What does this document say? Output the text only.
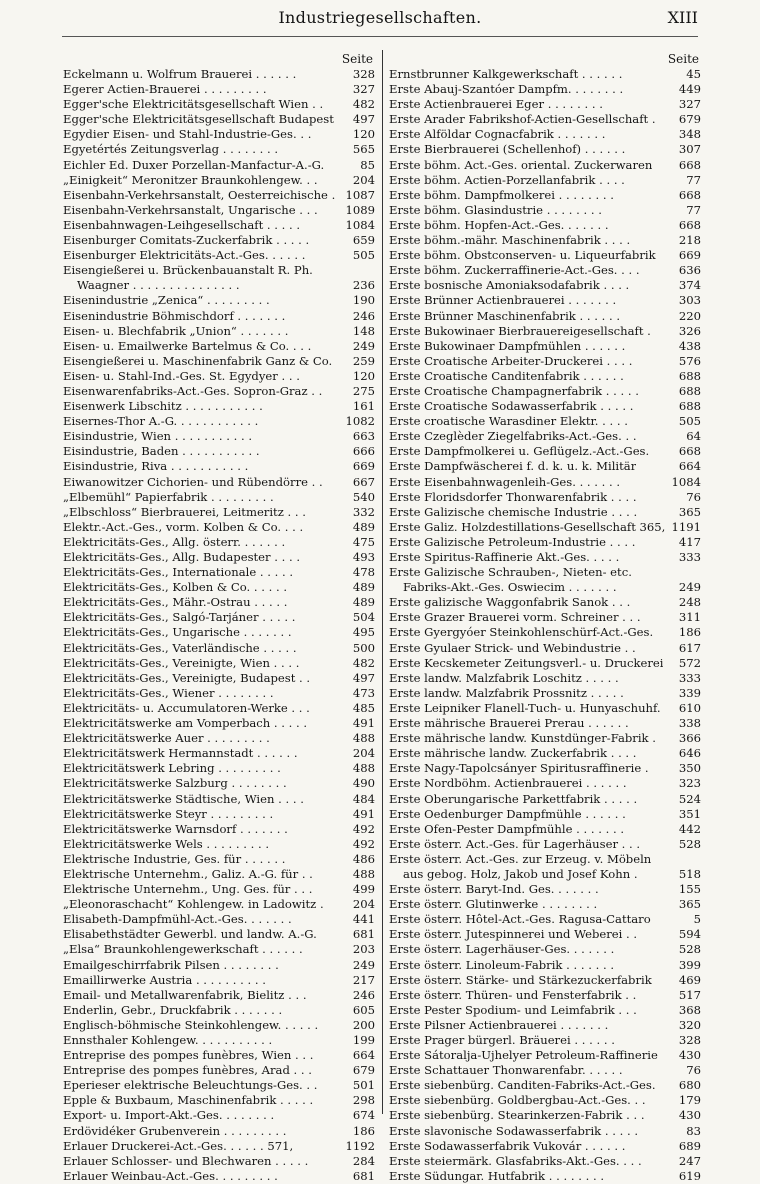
Industriegesellschaften.	XIII
Seite
Eckelmann u. Wolfrum Brauerei . . . . . .	328
Egerer Actien-Brauerei . . . . . . . . .	327
Egger'sche Elektricitätsgesellschaft Wien . .	482
Egger'sche Elektricitätsgesellschaft Budapest	497
Egydier Eisen- und Stahl-Industrie-Ges. . .	120
Egyetértés Zeitungsverlag . . . . . . . .	565
Eichler Ed. Duxer Porzellan-Manfactur-A.-G.	85
„Einigkeit“ Meronitzer Braunkohlengew. . .	204
Eisenbahn-Verkehrsanstalt, Oesterreichische . 1087
Eisenbahn-Verkehrsanstalt, Ungarische . . .	1089
Eisenbahnwagen-Leihgesellschaft . . . . .	1084
Eisenburger Comitats-Zuckerfabrik . . . . .	659
Eisenburger Elektricitäts-Act.-Ges. . . . . .	505
Eisengießerei u. Brückenbauanstalt R. Ph.
Waagner . . . . . . . . . . . . . . .	236
Eisenindustrie „Zenica“ . . . . . . . . .	190
Eisenindustrie Böhmischdorf . . . . . . .	246
Eisen- u. Blechfabrik „Union“ . . . . . . .	148
Eisen- u. Emailwerke Bartelmus & Co. . . .	249
Eisengießerei u. Maschinenfabrik Ganz & Co.	259
Eisen- u. Stahl-Ind.-Ges. St. Egydyer . . .	120
Eisenwarenfabriks-Act.-Ges. Sopron-Graz . .	275
Eisenwerk Libschitz . . . . . . . . . . .	161
Eisernes-Thor A.-G. . . . . . . . . . . .	1082
Eisindustrie, Wien . . . . . . . . . . .	663
Eisindustrie, Baden . . . . . . . . . . .	666
Eisindustrie, Riva . . . . . . . . . . .	669
Eiwanowitzer Cichorien- und Rübendörre . .	667
„Elbemühl“ Papierfabrik . . . . . . . . .	540
„Elbschloss“ Bierbrauerei, Leitmeritz . . .	332
Elektr.-Act.-Ges., vorm. Kolben & Co. . . .	489
Elektricitäts-Ges., Allg. österr. . . . . . .	475
Elektricitäts-Ges., Allg. Budapester . . . .	493
Elektricitäts-Ges., Internationale . . . . .	478
Elektricitäts-Ges., Kolben & Co. . . . . .	489
Elektricitäts-Ges., Mähr.-Ostrau . . . . .	489
Elektricitäts-Ges., Salgó-Tarjáner . . . . .	504
Elektricitäts-Ges., Ungarische . . . . . . .	495
Elektricitäts-Ges., Vaterländische . . . . .	500
Elektricitäts-Ges., Vereinigte, Wien . . . .	482
Elektricitäts-Ges., Vereinigte, Budapest . .	497
Elektricitäts-Ges., Wiener . . . . . . . .	473
Elektricitäts- u. Accumulatoren-Werke . . .	485
Elektricitätswerke am Vomperbach . . . . .	491
Elektricitätswerke Auer . . . . . . . . .	488
Elektricitätswerk Hermannstadt . . . . . .	204
Elektricitätswerk Lebring . . . . . . . . .	488
Elektricitätswerke Salzburg . . . . . . . .	490
Elektricitätswerke Städtische, Wien . . . .	484
Elektricitätswerke Steyr . . . . . . . . .	491
Elektricitätswerke Warnsdorf . . . . . . .	492
Elektricitätswerke Wels . . . . . . . . .	492
Elektrische Industrie, Ges. für . . . . . .	486
Elektrische Unternehm., Galiz. A.-G. für . .	488
Elektrische Unternehm., Ung. Ges. für . . .	499
„Eleonoraschacht“ Kohlengew. in Ladowitz .	204
Elisabeth-Dampfmühl-Act.-Ges. . . . . . .	441
Elisabethstädter Gewerbl. und landw. A.-G.	681
„Elsa“ Braunkohlengewerkschaft . . . . . .	203
Emailgeschirrfabrik Pilsen . . . . . . . .	249
Emaillirwerke Austria . . . . . . . . . .	217
Email- und Metallwarenfabrik, Bielitz . . .	246
Enderlin, Gebr., Druckfabrik . . . . . . .	605
Englisch-böhmische Steinkohlengew. . . . . .	200
Ennsthaler Kohlengew. . . . . . . . . . .	199
Entreprise des pompes funèbres, Wien . . .	664
Entreprise des pompes funèbres, Arad . . .	679
Eperieser elektrische Beleuchtungs-Ges. . .	501
Epple & Buxbaum, Maschinenfabrik . . . . .	298
Export- u. Import-Akt.-Ges. . . . . . . .	674
Erdövidéker Grubenverein . . . . . . . . .	186
Erlauer Druckerei-Act.-Ges. . . . . . 571,	1192
Erlauer Schlosser- und Blechwaren . . . . .	284
Erlauer Weinbau-Act.-Ges. . . . . . . . .	681
Seite
Ernstbrunner Kalkgewerkschaft . . . . . .	45
Erste Abauj-Szantóer Dampfm. . . . . . . .	449
Erste Actienbrauerei Eger . . . . . . . .	327
Erste Arader Fabrikshof-Actien-Gesellschaft .	679
Erste Alföldar Cognacfabrik . . . . . . .	348
Erste Bierbrauerei (Schellenhof) . . . . . .	307
Erste böhm. Act.-Ges. oriental. Zuckerwaren	668
Erste böhm. Actien-Porzellanfabrik . . . .	77
Erste böhm. Dampfmolkerei . . . . . . . .	668
Erste böhm. Glasindustrie . . . . . . . .	77
Erste böhm. Hopfen-Act.-Ges. . . . . . .	668
Erste böhm.-mähr. Maschinenfabrik . . . .	218
Erste böhm. Obstconserven- u. Liqueurfabrik	669
Erste böhm. Zuckerraffinerie-Act.-Ges. . . .	636
Erste bosnische Amoniaksodafabrik . . . .	374
Erste Brünner Actienbrauerei . . . . . . .	303
Erste Brünner Maschinenfabrik . . . . . .	220
Erste Bukowinaer Bierbrauereigesellschaft .	326
Erste Bukowinaer Dampfmühlen . . . . . .	438
Erste Croatische Arbeiter-Druckerei . . . .	576
Erste Croatische Canditenfabrik . . . . . .	688
Erste Croatische Champagnerfabrik . . . . .	688
Erste Croatische Sodawasserfabrik . . . . .	688
Erste croatische Warasdiner Elektr. . . . .	505
Erste Czeglèder Ziegelfabriks-Act.-Ges. . .	64
Erste Dampfmolkerei u. Geflügelz.-Act.-Ges.	668
Erste Dampfwäscherei f. d. k. u. k. Militär	664
Erste Eisenbahnwagenleih-Ges. . . . . . .	1084
Erste Floridsdorfer Thonwarenfabrik . . . .	76
Erste Galizische chemische Industrie . . . .	365
Erste Galiz. Holzdestillations-Gesellschaft 365, 1191
Erste Galizische Petroleum-Industrie . . . .	417
Erste Spiritus-Raffinerie Akt.-Ges. . . . .	333
Erste Galizische Schrauben-, Nieten- etc.
Fabriks-Akt.-Ges. Oswiecim . . . . . . .	249
Erste galizische Waggonfabrik Sanok . . .	248
Erste Grazer Brauerei vorm. Schreiner . . .	311
Erste Gyergyóer Steinkohlenschürf-Act.-Ges.	186
Erste Gyulaer Strick- und Webindustrie . .	617
Erste Kecskemeter Zeitungsverl.- u. Druckerei	572
Erste landw. Malzfabrik Loschitz . . . . .	333
Erste landw. Malzfabrik Prossnitz . . . . .	339
Erste Leipniker Flanell-Tuch- u. Hunyaschuhf.	610
Erste mährische Brauerei Prerau . . . . . .	338
Erste mährische landw. Kunstdünger-Fabrik .	366
Erste mährische landw. Zuckerfabrik . . . .	646
Erste Nagy-Tapolcsányer Spiritusraffinerie .	350
Erste Nordböhm. Actienbrauerei . . . . . .	323
Erste Oberungarische Parkettfabrik . . . . .	524
Erste Oedenburger Dampfmühle . . . . . .	351
Erste Ofen-Pester Dampfmühle . . . . . . .	442
Erste österr. Act.-Ges. für Lagerhäuser . . .	528
Erste österr. Act.-Ges. zur Erzeug. v. Möbeln
aus gebog. Holz, Jakob und Josef Kohn .	518
Erste österr. Baryt-Ind. Ges. . . . . . .	155
Erste österr. Glutinwerke . . . . . . . .	365
Erste österr. Hôtel-Act.-Ges. Ragusa-Cattaro	5
Erste österr. Jutespinnerei und Weberei . .	594
Erste österr. Lagerhäuser-Ges. . . . . . .	528
Erste österr. Linoleum-Fabrik . . . . . . .	399
Erste österr. Stärke- und Stärkezuckerfabrik	469
Erste österr. Thüren- und Fensterfabrik . .	517
Erste Pester Spodium- und Leimfabrik . . .	368
Erste Pilsner Actienbrauerei . . . . . . .	320
Erste Prager bürgerl. Bräuerei . . . . . .	328
Erste Sátoralja-Ujhelyer Petroleum-Raffinerie	430
Erste Schattauer Thonwarenfabr. . . . . .	76
Erste siebenbürg. Canditen-Fabriks-Act.-Ges.	680
Erste siebenbürg. Goldbergbau-Act.-Ges. . .	179
Erste siebenbürg. Stearinkerzen-Fabrik . . .	430
Erste slavonische Sodawasserfabrik . . . . .	83
Erste Sodawasserfabrik Vukovár . . . . . .	689
Erste steiermärk. Glasfabriks-Akt.-Ges. . . .	247
Erste Südungar. Hutfabrik . . . . . . . .	619
